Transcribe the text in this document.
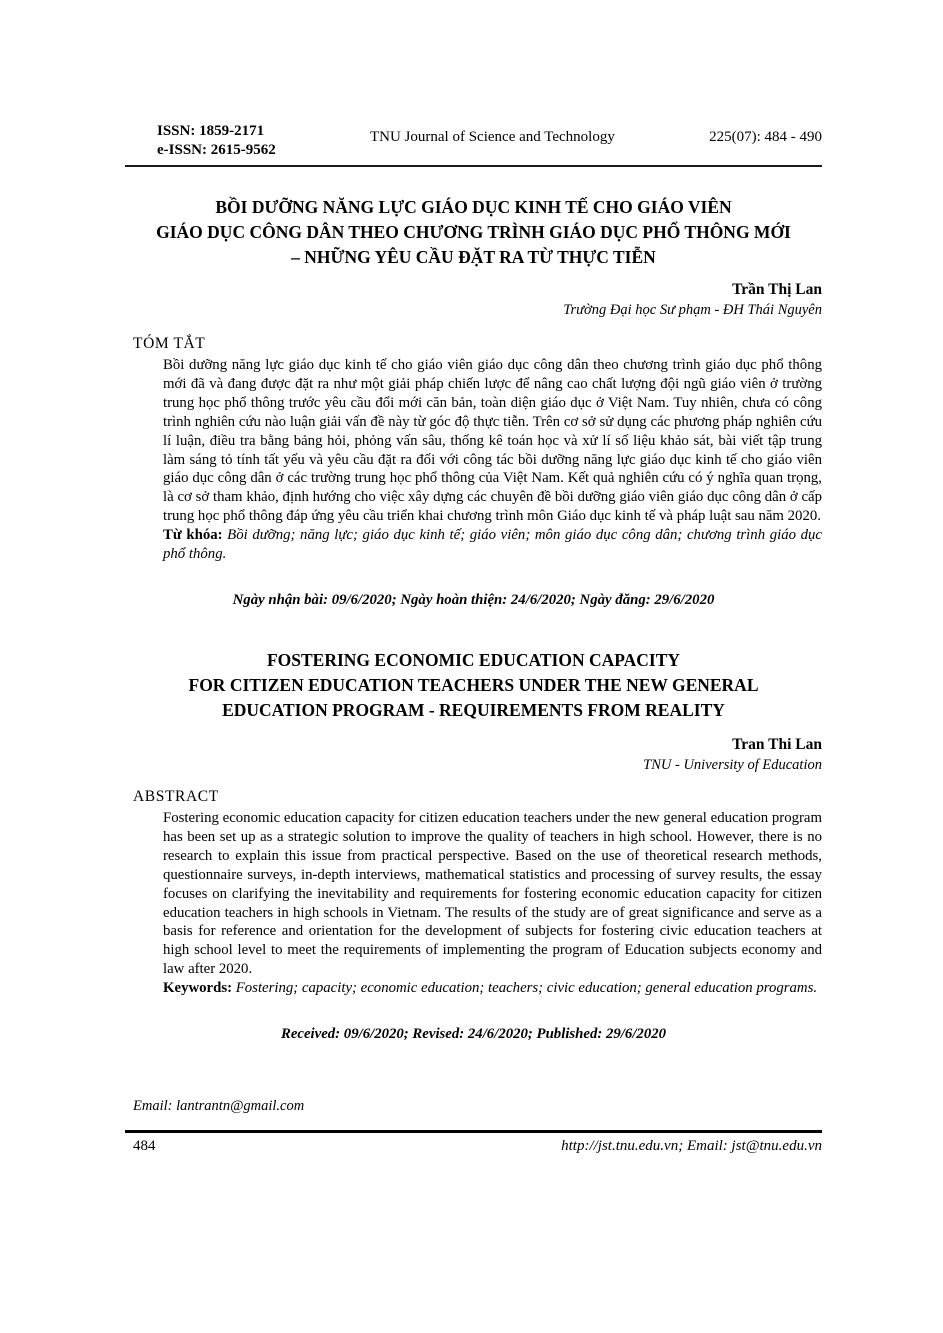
ISSN: 1859-2171
e-ISSN: 2615-9562
TNU Journal of Science and Technology	225(07): 484 - 490
BỒI DƯỠNG NĂNG LỰC GIÁO DỤC KINH TẾ CHO GIÁO VIÊN
GIÁO DỤC CÔNG DÂN THEO CHƯƠNG TRÌNH GIÁO DỤC PHỔ THÔNG MỚI
– NHỮNG YÊU CẦU ĐẶT RA TỪ THỰC TIỄN
Trần Thị Lan
Trường Đại học Sư phạm - ĐH Thái Nguyên
TÓM TẮT
Bồi dưỡng năng lực giáo dục kinh tế cho giáo viên giáo dục công dân theo chương trình giáo dục phổ thông mới đã và đang được đặt ra như một giải pháp chiến lược để nâng cao chất lượng đội ngũ giáo viên ở trường trung học phổ thông trước yêu cầu đổi mới căn bản, toàn diện giáo dục ở Việt Nam. Tuy nhiên, chưa có công trình nghiên cứu nào luận giải vấn đề này từ góc độ thực tiễn. Trên cơ sở sử dụng các phương pháp nghiên cứu lí luận, điều tra bằng bảng hỏi, phỏng vấn sâu, thống kê toán học và xử lí số liệu khảo sát, bài viết tập trung làm sáng tỏ tính tất yếu và yêu cầu đặt ra đối với công tác bồi dưỡng năng lực giáo dục kinh tế cho giáo viên giáo dục công dân ở các trường trung học phổ thông của Việt Nam. Kết quả nghiên cứu có ý nghĩa quan trọng, là cơ sở tham khảo, định hướng cho việc xây dựng các chuyên đề bồi dưỡng giáo viên giáo dục công dân ở cấp trung học phổ thông đáp ứng yêu cầu triển khai chương trình môn Giáo dục kinh tế và pháp luật sau năm 2020.
Từ khóa: Bồi dưỡng; năng lực; giáo dục kinh tế; giáo viên; môn giáo dục công dân; chương trình giáo dục phổ thông.
Ngày nhận bài: 09/6/2020; Ngày hoàn thiện: 24/6/2020; Ngày đăng: 29/6/2020
FOSTERING ECONOMIC EDUCATION CAPACITY
FOR CITIZEN EDUCATION TEACHERS UNDER THE NEW GENERAL
EDUCATION PROGRAM - REQUIREMENTS FROM REALITY
Tran Thi Lan
TNU - University of Education
ABSTRACT
Fostering economic education capacity for citizen education teachers under the new general education program has been set up as a strategic solution to improve the quality of teachers in high school. However, there is no research to explain this issue from practical perspective. Based on the use of theoretical research methods, questionnaire surveys, in-depth interviews, mathematical statistics and processing of survey results, the essay focuses on clarifying the inevitability and requirements for fostering economic education capacity for citizen education teachers in high schools in Vietnam. The results of the study are of great significance and serve as a basis for reference and orientation for the development of subjects for fostering civic education teachers at high school level to meet the requirements of implementing the program of Education subjects economy and law after 2020.
Keywords: Fostering; capacity; economic education; teachers; civic education; general education programs.
Received: 09/6/2020; Revised: 24/6/2020; Published: 29/6/2020
Email: lantrantn@gmail.com
484	http://jst.tnu.edu.vn; Email: jst@tnu.edu.vn
